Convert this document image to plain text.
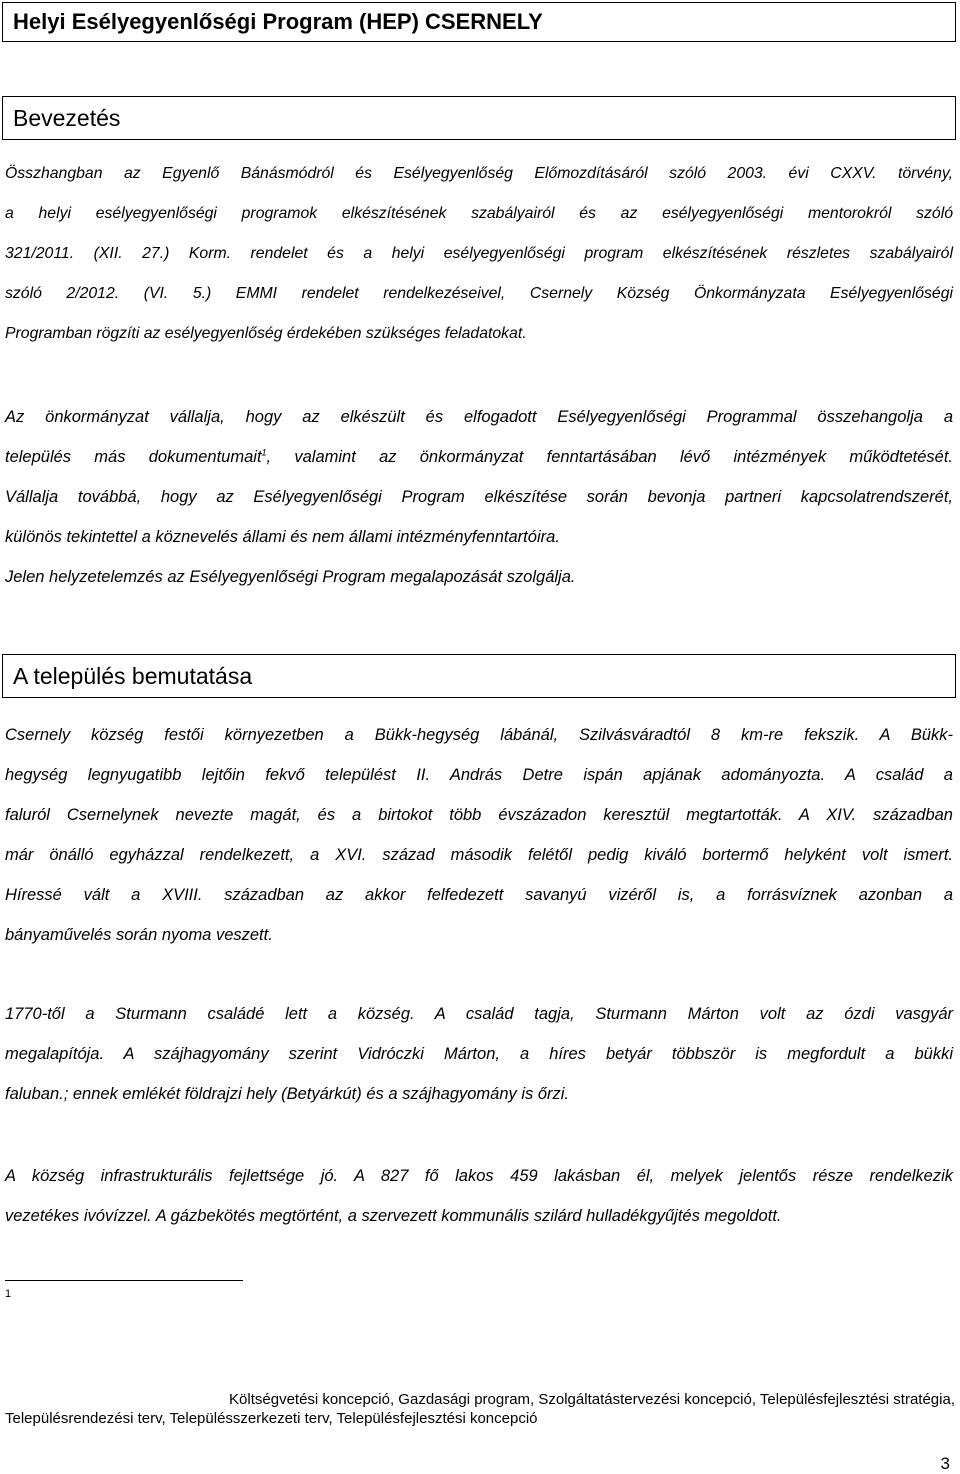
Helyi Esélyegyenlőségi Program (HEP) CSERNELY
Bevezetés
Összhangban az Egyenlő Bánásmódról és Esélyegyenlőség Előmozdításáról szóló 2003. évi CXXV. törvény,
a helyi esélyegyenlőségi programok elkészítésének szabályairól és az esélyegyenlőségi mentorokról szóló
321/2011. (XII. 27.) Korm. rendelet és a helyi esélyegyenlőségi program elkészítésének részletes szabályairól
szóló 2/2012. (VI. 5.) EMMI rendelet rendelkezéseivel, Csernely Község Önkormányzata Esélyegyenlőségi
Programban rögzíti az esélyegyenlőség érdekében szükséges feladatokat.
Az önkormányzat vállalja, hogy az elkészült és elfogadott Esélyegyenlőségi Programmal összehangolja a
település más dokumentumait$^1$, valamint az önkormányzat fenntartásában lévő intézmények működtetését.
Vállalja továbbá, hogy az Esélyegyenlőségi Program elkészítése során bevonja partneri kapcsolatrendszerét,
különös tekintettel a köznevelés állami és nem állami intézményfenntartóira.
Jelen helyzetelemzés az Esélyegyenlőségi Program megalapozását szolgálja.
A település bemutatása
Csernely község festői környezetben a Bükk-hegység lábánál, Szilvásváradtól 8 km-re fekszik. A Bükk-
hegység legnyugatibb lejtőin fekvő települést II. András Detre ispán apjának adományozta. A család a
faluról Csernelynek nevezte magát, és a birtokot több évszázadon keresztül megtartották. A XIV. században
már önálló egyházzal rendelkezett, a XVI. század második felétől pedig kiváló bortermő helyként volt ismert.
Híressé vált a XVIII. században az akkor felfedezett savanyú vizéről is, a forrásvíznek azonban a
bányaművelés során nyoma veszett.
1770-től a Sturmann családé lett a község. A család tagja, Sturmann Márton volt az ózdi vasgyár
megalapítója. A szájhagyomány szerint Vidróczki Márton, a híres betyár többször is megfordult a bükki
faluban.; ennek emlékét földrajzi hely (Betyárkút) és a szájhagyomány is őrzi.
A község infrastrukturális fejlettsége jó. A 827 fő lakos 459 lakásban él, melyek jelentős része rendelkezik
vezetékes ivóvízzel. A gázbekötés megtörtént, a szervezett kommunális szilárd hulladékgyűjtés megoldott.
1
Költségvetési koncepció, Gazdasági program, Szolgáltatástervezési koncepció, Településfejlesztési stratégia,
Településrendezési terv, Településszerkezeti terv, Településfejlesztési koncepció
3
